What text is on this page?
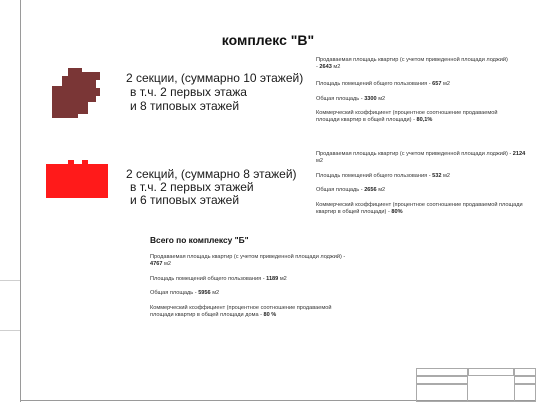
комплекс "В"
2 секции, (суммарно 10 этажей)
в т.ч. 2 первых этажа
и 8 типовых этажей
Продаваемая площадь квартир (с учетом приведенной площади лоджий) - 2643 м2
Площадь помещений общего пользования - 657 м2
Общая площадь - 3300 м2
Коммерческий коэффициент (процентное соотношение продаваемой площади квартир в общей площади) - 80,1%
2 секций, (суммарно 8 этажей)
в т.ч. 2 первых этажей
и 6 типовых этажей
Продаваемая площадь квартир (с учетом приведенной площади лоджий) - 2124 м2
Площадь помещений общего пользования - 532 м2
Общая площадь - 2656 м2
Коммерческий коэффициент (процентное соотношение продаваемой площади квартир в общей площади) - 80%
Всего по комплексу "Б"
Продаваемая площадь квартир (с учетом приведенной площади лоджий) - 4767 м2
Площадь помещений общего пользования - 1189 м2
Общая площадь - 5956 м2
Коммерческий коэффициент (процентное соотношение продаваемой площади квартир в общей площади дома - 80 %
